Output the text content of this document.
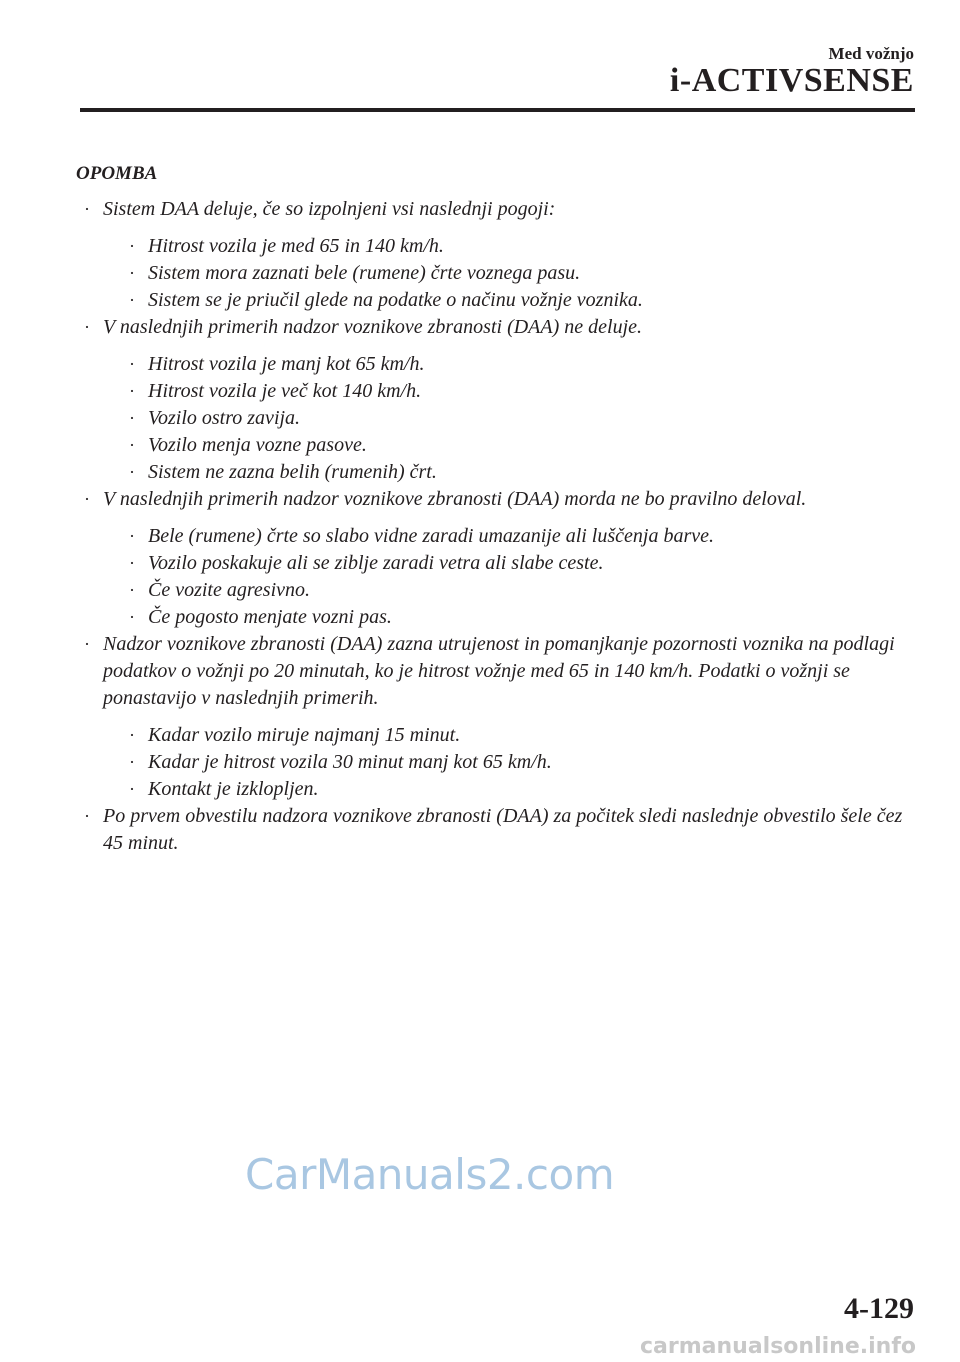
Med vožnjo
i-ACTIVSENSE
OPOMBA
· Sistem DAA deluje, če so izpolnjeni vsi naslednji pogoji:
· Hitrost vozila je med 65 in 140 km/h.
· Sistem mora zaznati bele (rumene) črte voznega pasu.
· Sistem se je priučil glede na podatke o načinu vožnje voznika.
· V naslednjih primerih nadzor voznikove zbranosti (DAA) ne deluje.
· Hitrost vozila je manj kot 65 km/h.
· Hitrost vozila je več kot 140 km/h.
· Vozilo ostro zavija.
· Vozilo menja vozne pasove.
· Sistem ne zazna belih (rumenih) črt.
· V naslednjih primerih nadzor voznikove zbranosti (DAA) morda ne bo pravilno deloval.
· Bele (rumene) črte so slabo vidne zaradi umazanije ali luščenja barve.
· Vozilo poskakuje ali se ziblje zaradi vetra ali slabe ceste.
· Če vozite agresivno.
· Če pogosto menjate vozni pas.
· Nadzor voznikove zbranosti (DAA) zazna utrujenost in pomanjkanje pozornosti voznika na podlagi podatkov o vožnji po 20 minutah, ko je hitrost vožnje med 65 in 140 km/h. Podatki o vožnji se ponastavijo v naslednjih primerih.
· Kadar vozilo miruje najmanj 15 minut.
· Kadar je hitrost vozila 30 minut manj kot 65 km/h.
· Kontakt je izklopljen.
· Po prvem obvestilu nadzora voznikove zbranosti (DAA) za počitek sledi naslednje obvestilo šele čez 45 minut.
CarManuals2.com
4-129
carmanualsonline.info
